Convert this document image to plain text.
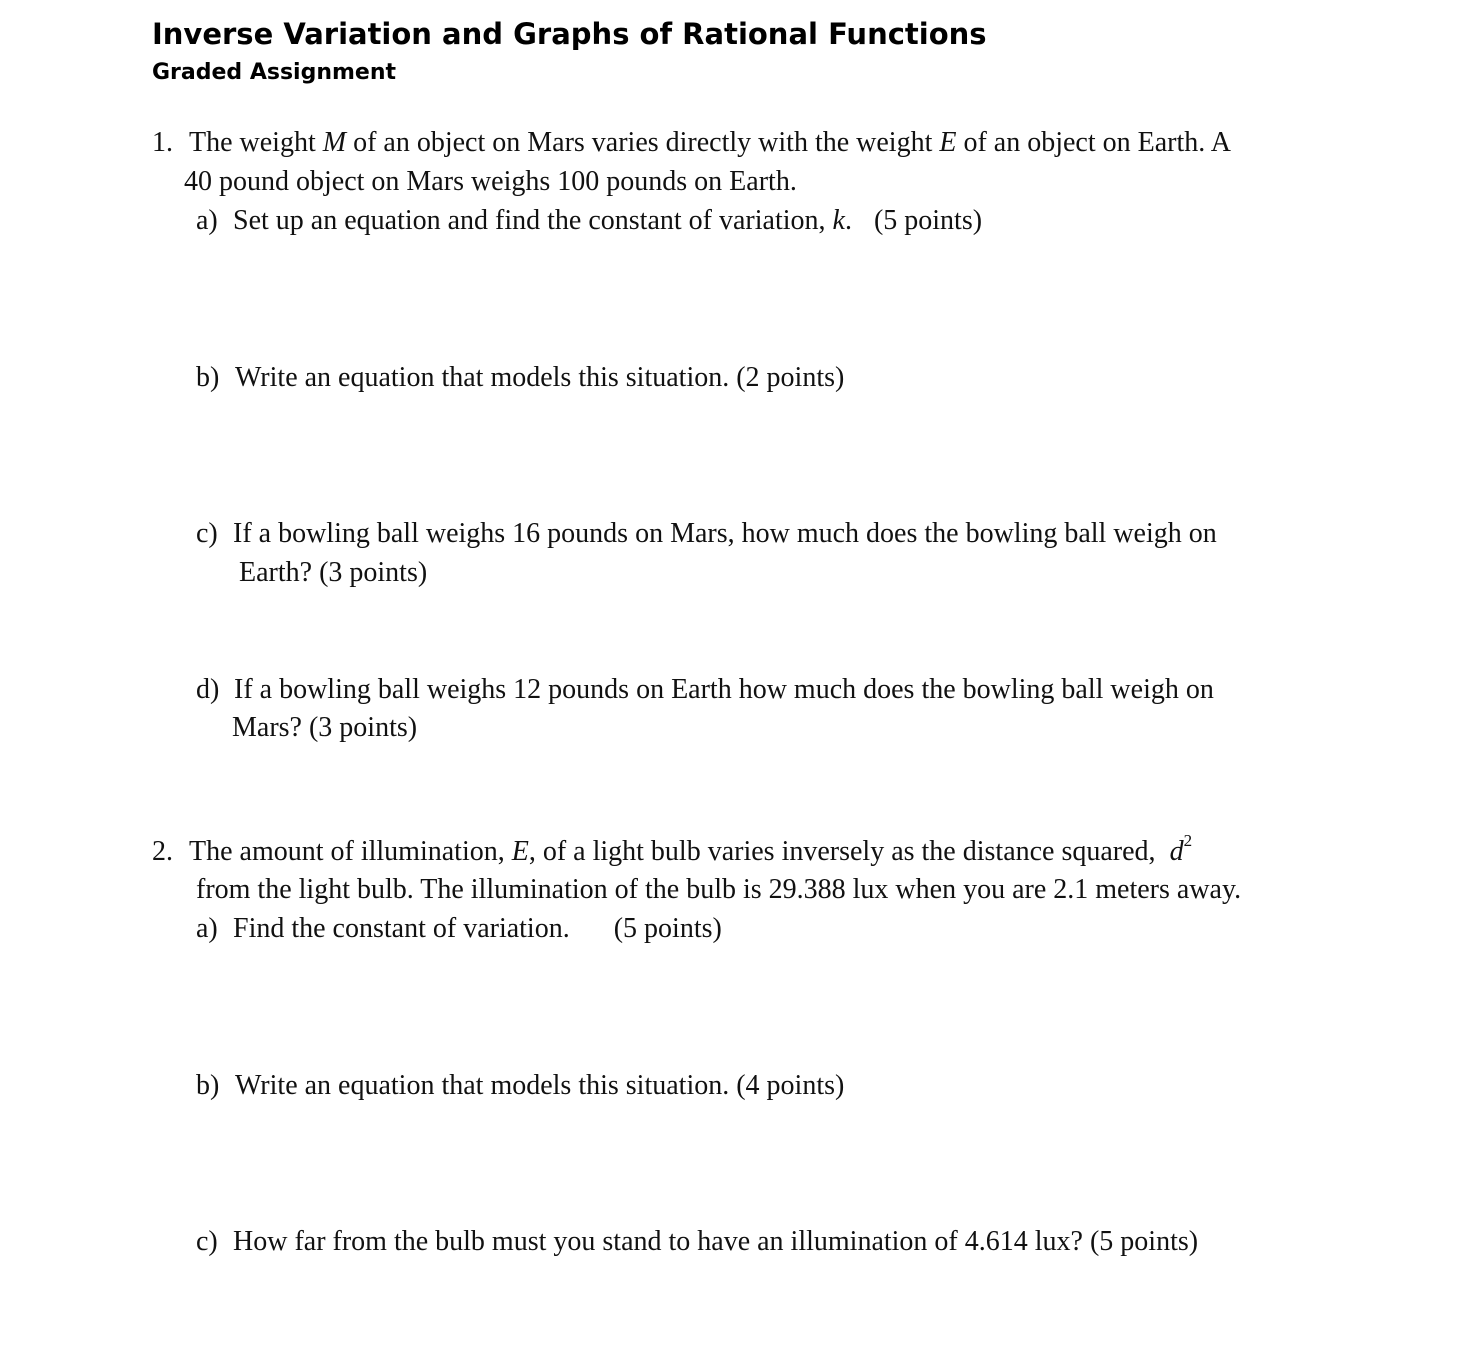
Inverse Variation and Graphs of Rational Functions
Graded Assignment
1. The weight M of an object on Mars varies directly with the weight E of an object on Earth. A
40 pound object on Mars weighs 100 pounds on Earth.
a) Set up an equation and find the constant of variation, k. (5 points)
b) Write an equation that models this situation. (2 points)
c) If a bowling ball weighs 16 pounds on Mars, how much does the bowling ball weigh on
Earth? (3 points)
d) If a bowling ball weighs 12 pounds on Earth how much does the bowling ball weigh on
Mars? (3 points)
2. The amount of illumination, E, of a light bulb varies inversely as the distance squared, $d^2$
from the light bulb. The illumination of the bulb is 29.388 lux when you are 2.1 meters away.
a) Find the constant of variation. (5 points)
b) Write an equation that models this situation. (4 points)
c) How far from the bulb must you stand to have an illumination of 4.614 lux? (5 points)
